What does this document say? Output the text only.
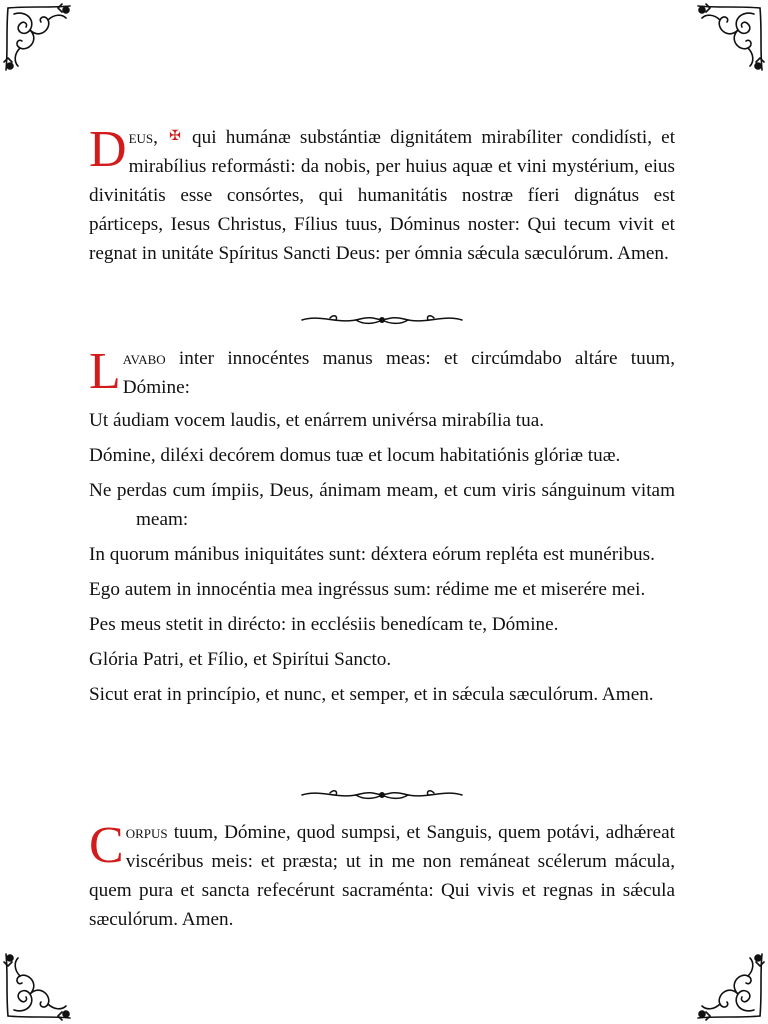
Deus, ✠ qui humánæ substántiæ dignitátem mirabíliter condidísti, et mirabílius reformásti: da nobis, per huius aquæ et vini mystérium, eius divinitátis esse consórtes, qui humanitátis nostræ fíeri dignátus est párticeps, Iesus Christus, Fílius tuus, Dóminus noster: Qui tecum vivit et regnat in unitáte Spíritus Sancti Deus: per ómnia sǽcula sæculórum. Amen.

Lavabo inter innocéntes manus meas: et circúmdabo altáre tuum, Dómine:

Ut áudiam vocem laudis, et enárrem univérsa mirabília tua.

Dómine, diléxi decórem domus tuæ et locum habitatiónis glóriæ tuæ.

Ne perdas cum ímpiis, Deus, ánimam meam, et cum viris sánguinum vitam meam:

In quorum mánibus iniquitátes sunt: déxtera eórum repléta est munéribus.

Ego autem in innocéntia mea ingréssus sum: rédime me et miserére mei.

Pes meus stetit in dirécto: in ecclésiis benedícam te, Dómine.

Glória Patri, et Fílio, et Spirítui Sancto.

Sicut erat in princípio, et nunc, et semper, et in sǽcula sæculórum. Amen.

Corpus tuum, Dómine, quod sumpsi, et Sanguis, quem potávi, adhǽreat viscéribus meis: et præsta; ut in me non remáneat scélerum mácula, quem pura et sancta refecérunt sacraménta: Qui vivis et regnas in sǽcula sæculórum. Amen.
